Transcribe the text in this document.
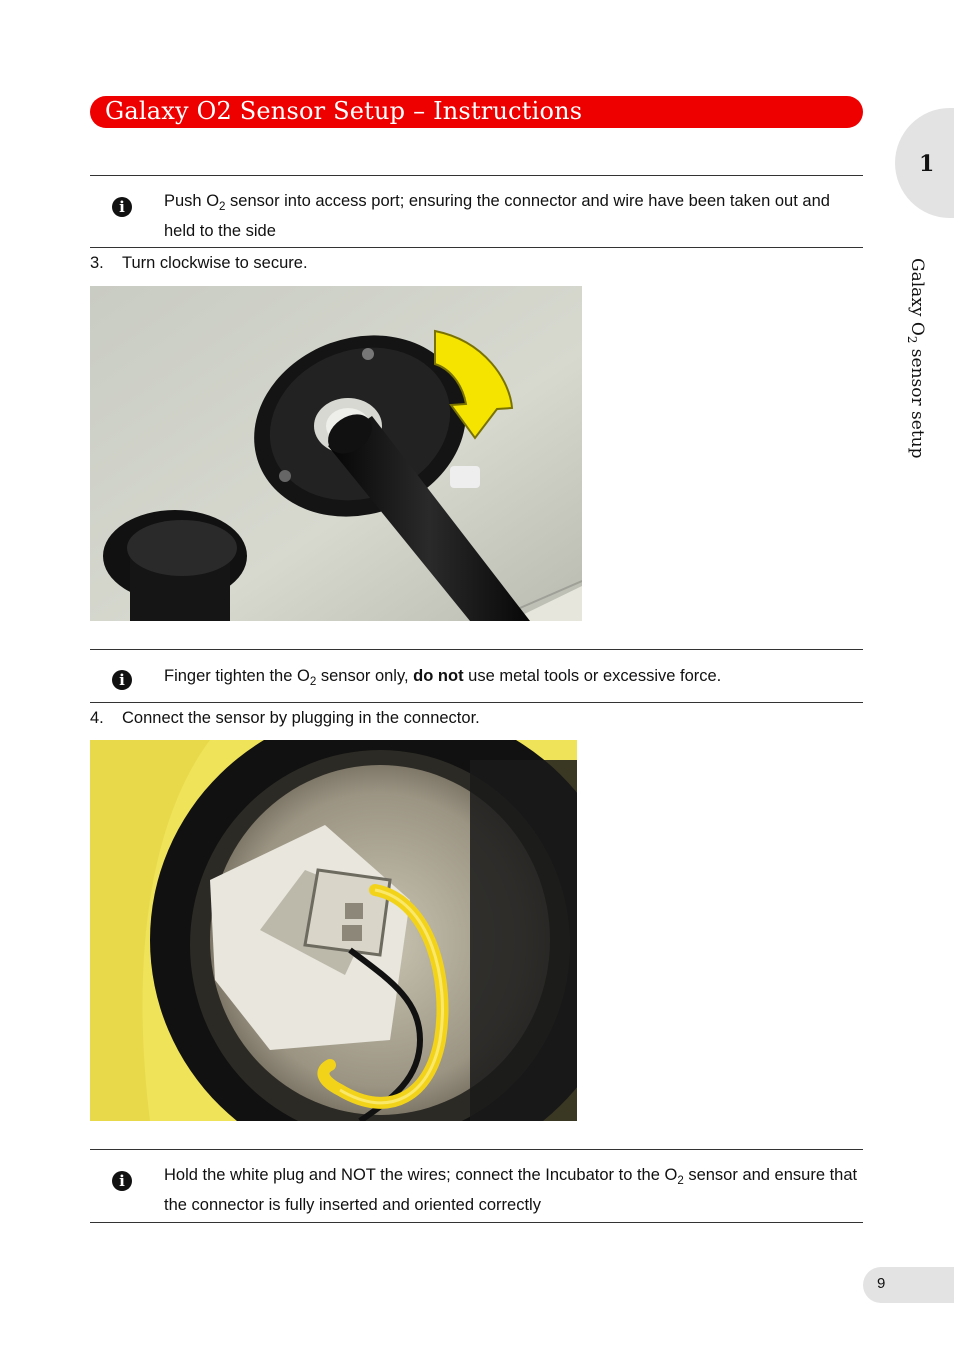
Galaxy O2 Sensor Setup – Instructions
1
Galaxy $O_2$ sensor setup
i	Push $O_2$ sensor into access port; ensuring the connector and wire have been taken out and held to the side
3. Turn clockwise to secure.
i	Finger tighten the $O_2$ sensor only, do not use metal tools or excessive force.
4. Connect the sensor by plugging in the connector.
i	Hold the white plug and NOT the wires; connect the Incubator to the $O_2$ sensor and ensure that the connector is fully inserted and oriented correctly
9
